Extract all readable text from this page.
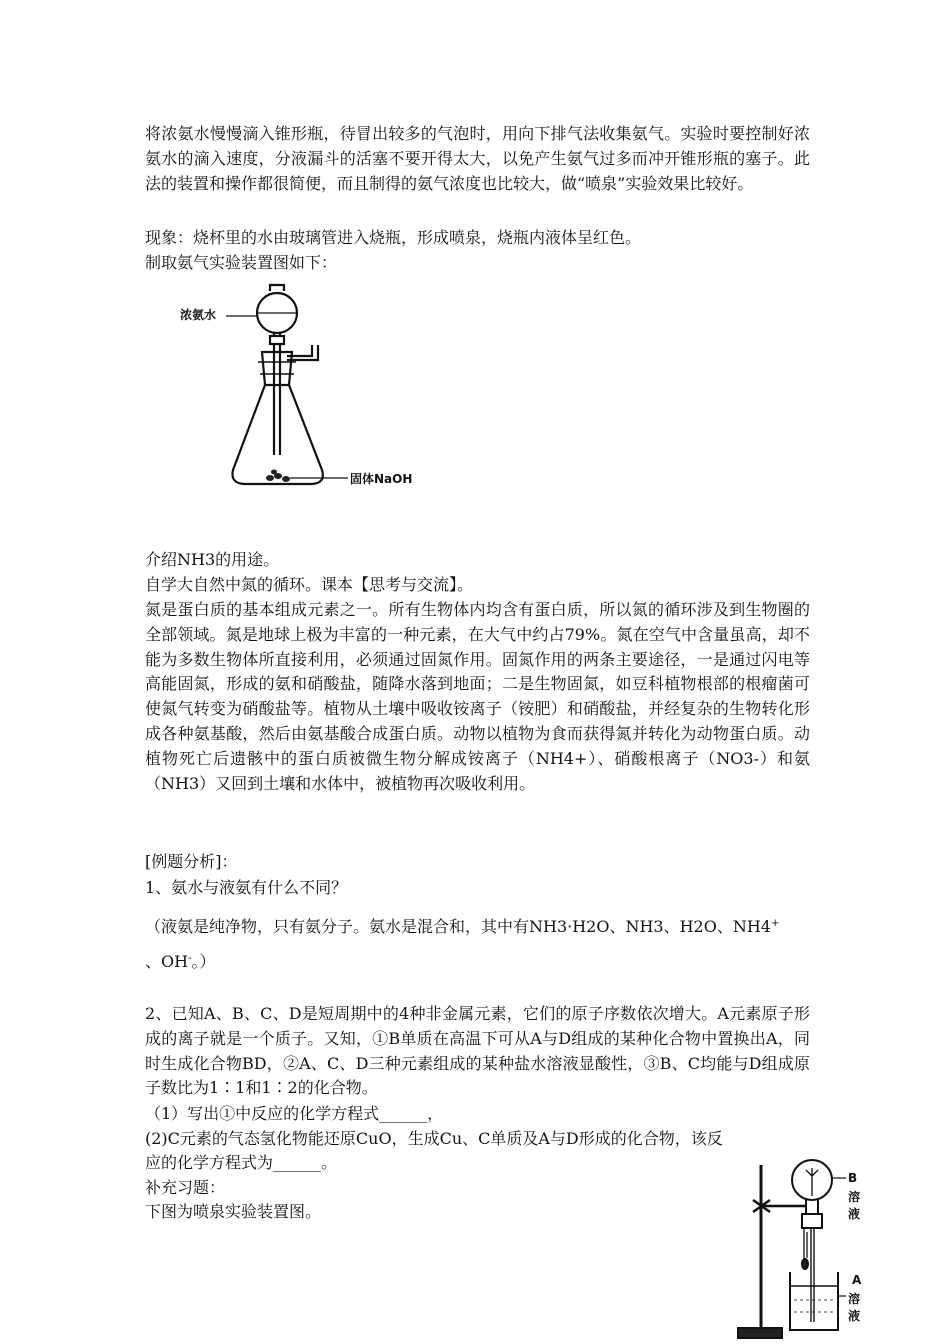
将浓氨水慢慢滴入锥形瓶，待冒出较多的气泡时，用向下排气法收集氨气。实验时要控制好浓氨水的滴入速度，分液漏斗的活塞不要开得太大，以免产生氨气过多而冲开锥形瓶的塞子。此法的装置和操作都很简便，而且制得的氨气浓度也比较大，做“喷泉”实验效果比较好。
现象：烧杯里的水由玻璃管进入烧瓶，形成喷泉，烧瓶内液体呈红色。
制取氨气实验装置图如下：
浓氨水
固体NaOH
介绍NH3的用途。
自学大自然中氮的循环。课本【思考与交流】。
氮是蛋白质的基本组成元素之一。所有生物体内均含有蛋白质，所以氮的循环涉及到生物圈的全部领域。氮是地球上极为丰富的一种元素，在大气中约占79%。氮在空气中含量虽高，却不能为多数生物体所直接利用，必须通过固氮作用。固氮作用的两条主要途径，一是通过闪电等高能固氮，形成的氨和硝酸盐，随降水落到地面；二是生物固氮，如豆科植物根部的根瘤菌可使氮气转变为硝酸盐等。植物从土壤中吸收铵离子（铵肥）和硝酸盐，并经复杂的生物转化形成各种氨基酸，然后由氨基酸合成蛋白质。动物以植物为食而获得氮并转化为动物蛋白质。动植物死亡后遗骸中的蛋白质被微生物分解成铵离子（NH4+）、硝酸根离子（NO3-）和氨（NH3）又回到土壤和水体中，被植物再次吸收利用。
[例题分析]：
1、氨水与液氨有什么不同？
（液氨是纯净物，只有氨分子。氨水是混合和，其中有NH3·H2O、NH3、H2O、NH4+
、OH-。）
2、已知A、B、C、D是短周期中的4种非金属元素，它们的原子序数依次增大。A元素原子形成的离子就是一个质子。又知，①B单质在高温下可从A与D组成的某种化合物中置换出A，同时生成化合物BD，②A、C、D三种元素组成的某种盐水溶液显酸性，③B、C均能与D组成原子数比为1∶1和1∶2的化合物。
（1）写出①中反应的化学方程式______，
(2)C元素的气态氢化物能还原CuO，生成Cu、C单质及A与D形成的化合物，该反
应的化学方程式为______。
补充习题：
下图为喷泉实验装置图。
B
溶
液
A
溶
液
